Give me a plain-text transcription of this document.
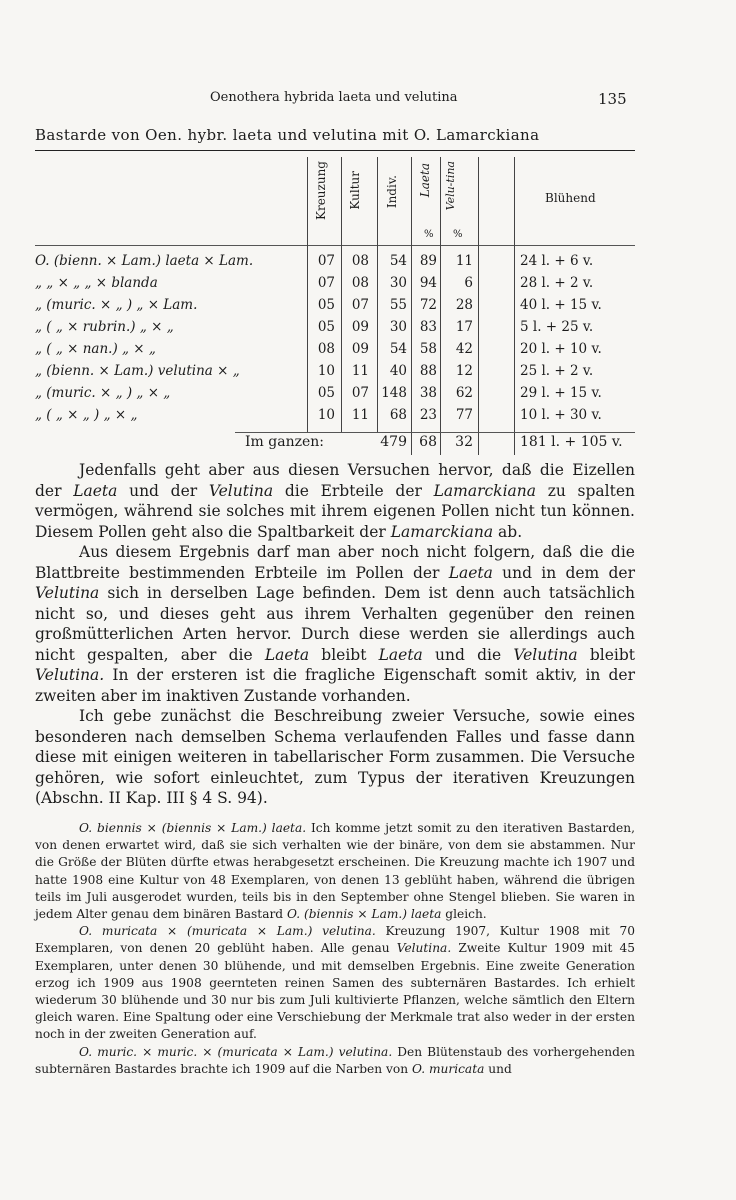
Oenothera hybrida laeta und velutina	135
Bastarde von Oen. hybr. laeta und velutina mit O. Lamarckiana
Kreuzung Kultur Indiv. Laeta Velu-tina
% %
Blühend
O. (bienn. × Lam.) laeta × Lam.	07	08	54 89	11	24 l. + 6 v.
„ „ × „ „ × blanda	07	08	30 94	6	28 l. + 2 v.
„ (muric. × „ ) „ × Lam.	05	07	55 72	28	40 l. + 15 v.
„ ( „ × rubrin.) „ × „	05	09	30 83	17	5 l. + 25 v.
„ ( „ × nan.) „ × „	08	09	54 58	42	20 l. + 10 v.
„ (bienn. × Lam.) velutina × „	10	11	40 88	12	25 l. + 2 v.
„ (muric. × „ ) „ × „	05	07 148 38	62	29 l. + 15 v.
„ ( „ × „ ) „ × „	10	11	68 23	77	10 l. + 30 v.
Im ganzen:	479 68	32	181 l. + 105 v.

Jedenfalls geht aber aus diesen Versuchen hervor, daß die Eizellen der Laeta und der Velutina die Erbteile der Lamarckiana zu spalten vermögen, während sie solches mit ihrem eigenen Pollen nicht tun können. Diesem Pollen geht also die Spaltbarkeit der Lamarckiana ab.

Aus diesem Ergebnis darf man aber noch nicht folgern, daß die die Blattbreite bestimmenden Erbteile im Pollen der Laeta und in dem der Velutina sich in derselben Lage befinden. Dem ist denn auch tatsächlich nicht so, und dieses geht aus ihrem Verhalten gegenüber den reinen großmütterlichen Arten hervor. Durch diese werden sie allerdings auch nicht gespalten, aber die Laeta bleibt Laeta und die Velutina bleibt Velutina. In der ersteren ist die fragliche Eigenschaft somit aktiv, in der zweiten aber im inaktiven Zustande vorhanden.

Ich gebe zunächst die Beschreibung zweier Versuche, sowie eines besonderen nach demselben Schema verlaufenden Falles und fasse dann diese mit einigen weiteren in tabellarischer Form zusammen. Die Versuche gehören, wie sofort einleuchtet, zum Typus der iterativen Kreuzungen (Abschn. II Kap. III § 4 S. 94).

O. biennis × (biennis × Lam.) laeta. Ich komme jetzt somit zu den iterativen Bastarden, von denen erwartet wird, daß sie sich verhalten wie der binäre, von dem sie abstammen. Nur die Größe der Blüten dürfte etwas herabgesetzt erscheinen. Die Kreuzung machte ich 1907 und hatte 1908 eine Kultur von 48 Exemplaren, von denen 13 geblüht haben, während die übrigen teils im Juli ausgerodet wurden, teils bis in den September ohne Stengel blieben. Sie waren in jedem Alter genau dem binären Bastard O. (biennis × Lam.) laeta gleich.

O. muricata × (muricata × Lam.) velutina. Kreuzung 1907, Kultur 1908 mit 70 Exemplaren, von denen 20 geblüht haben. Alle genau Velutina. Zweite Kultur 1909 mit 45 Exemplaren, unter denen 30 blühende, und mit demselben Ergebnis. Eine zweite Generation erzog ich 1909 aus 1908 geernteten reinen Samen des subternären Bastardes. Ich erhielt wiederum 30 blühende und 30 nur bis zum Juli kultivierte Pflanzen, welche sämtlich den Eltern gleich waren. Eine Spaltung oder eine Verschiebung der Merkmale trat also weder in der ersten noch in der zweiten Generation auf.

O. muric. × muric. × (muricata × Lam.) velutina. Den Blütenstaub des vorhergehenden subternären Bastardes brachte ich 1909 auf die Narben von O. muricata und
